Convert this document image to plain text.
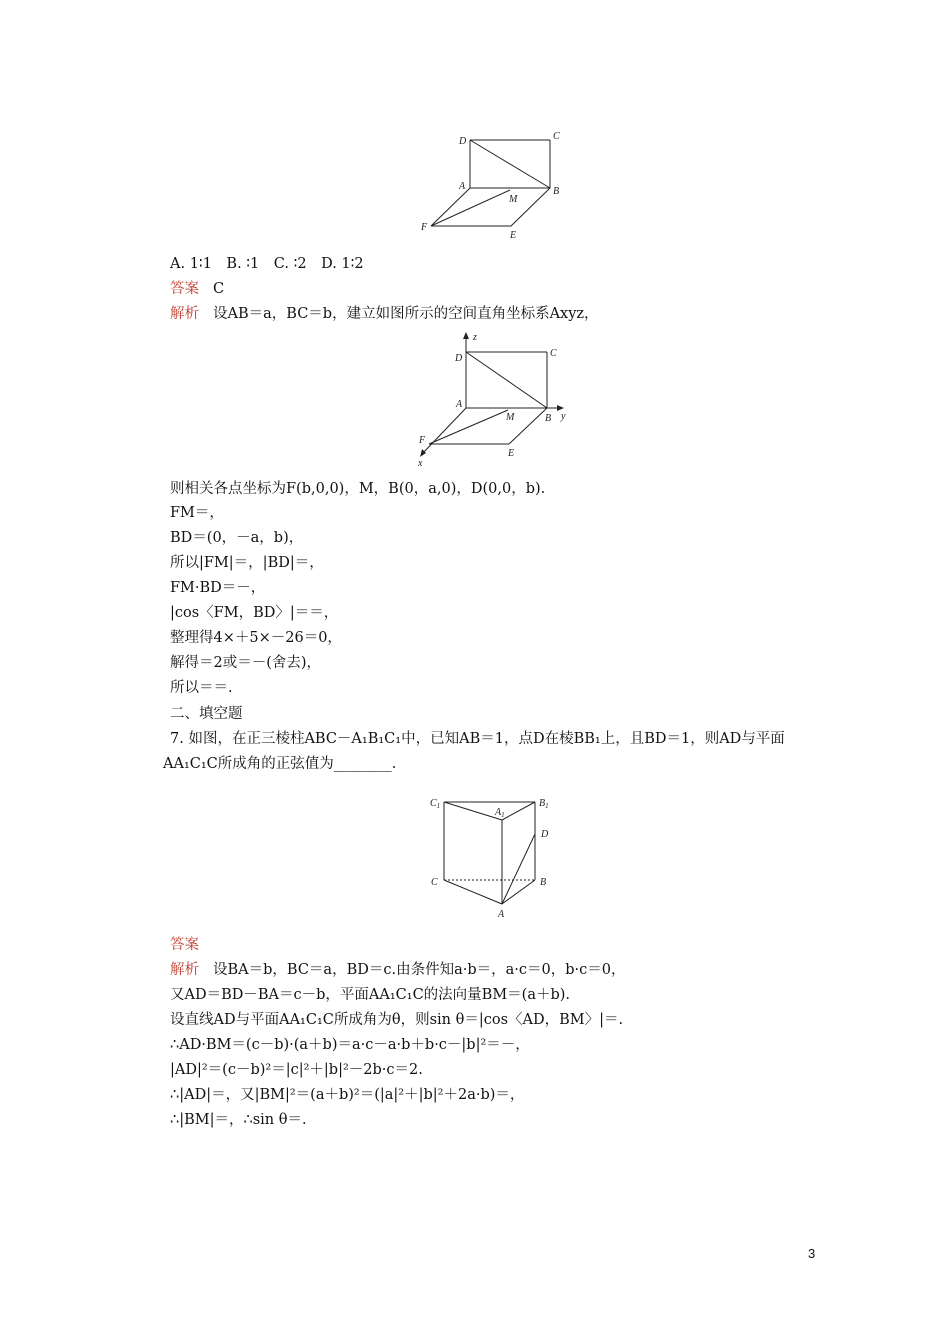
D	C
A	B
M
F
E
A. 1∶1　B. ∶1　C. ∶2　D. 1∶2
答案 C
解析 设AB＝a，BC＝b，建立如图所示的空间直角坐标系Axyz，
z
D	C
A
M	B y
F
E
x
则相关各点坐标为F(b,0,0)，M，B(0，a,0)，D(0,0，b).
FM＝，
BD＝(0，－a，b)，
所以|FM|＝，|BD|＝，
FM·BD＝－，
|cos〈FM，BD〉|＝＝，
整理得4×＋5×－26＝0，
解得＝2或＝－(舍去)，
所以＝＝.
二、填空题
7. 如图，在正三棱柱ABC－A₁B₁C₁中，已知AB＝1，点D在棱BB₁上，且BD＝1，则AD与平面
AA₁C₁C所成角的正弦值为________.
$C_1$
$A_1$
$B_1$
D
C	B
A
答案
解析 设BA＝b，BC＝a，BD＝c.由条件知a·b＝，a·c＝0，b·c＝0，
又AD＝BD－BA＝c－b，平面AA₁C₁C的法向量BM＝(a＋b).
设直线AD与平面AA₁C₁C所成角为θ，则sin θ＝|cos〈AD，BM〉|＝.
∴AD·BM＝(c－b)·(a＋b)＝a·c－a·b＋b·c－|b|²＝－，
|AD|²＝(c－b)²＝|c|²＋|b|²－2b·c＝2.
∴|AD|＝，又|BM|²＝(a＋b)²＝(|a|²＋|b|²＋2a·b)＝，
∴|BM|＝，∴sin θ＝.
3
